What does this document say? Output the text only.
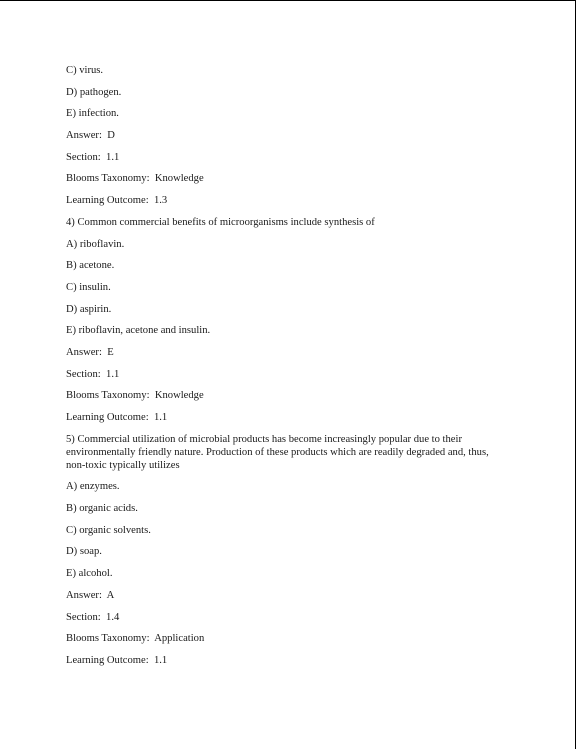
C) virus.
D) pathogen.
E) infection.
Answer:  D
Section:  1.1
Blooms Taxonomy:  Knowledge
Learning Outcome:  1.3
4) Common commercial benefits of microorganisms include synthesis of
A) riboflavin.
B) acetone.
C) insulin.
D) aspirin.
E) riboflavin, acetone and insulin.
Answer:  E
Section:  1.1
Blooms Taxonomy:  Knowledge
Learning Outcome:  1.1
5) Commercial utilization of microbial products has become increasingly popular due to their environmentally friendly nature. Production of these products which are readily degraded and, thus, non-toxic typically utilizes
A) enzymes.
B) organic acids.
C) organic solvents.
D) soap.
E) alcohol.
Answer:  A
Section:  1.4
Blooms Taxonomy:  Application
Learning Outcome:  1.1
